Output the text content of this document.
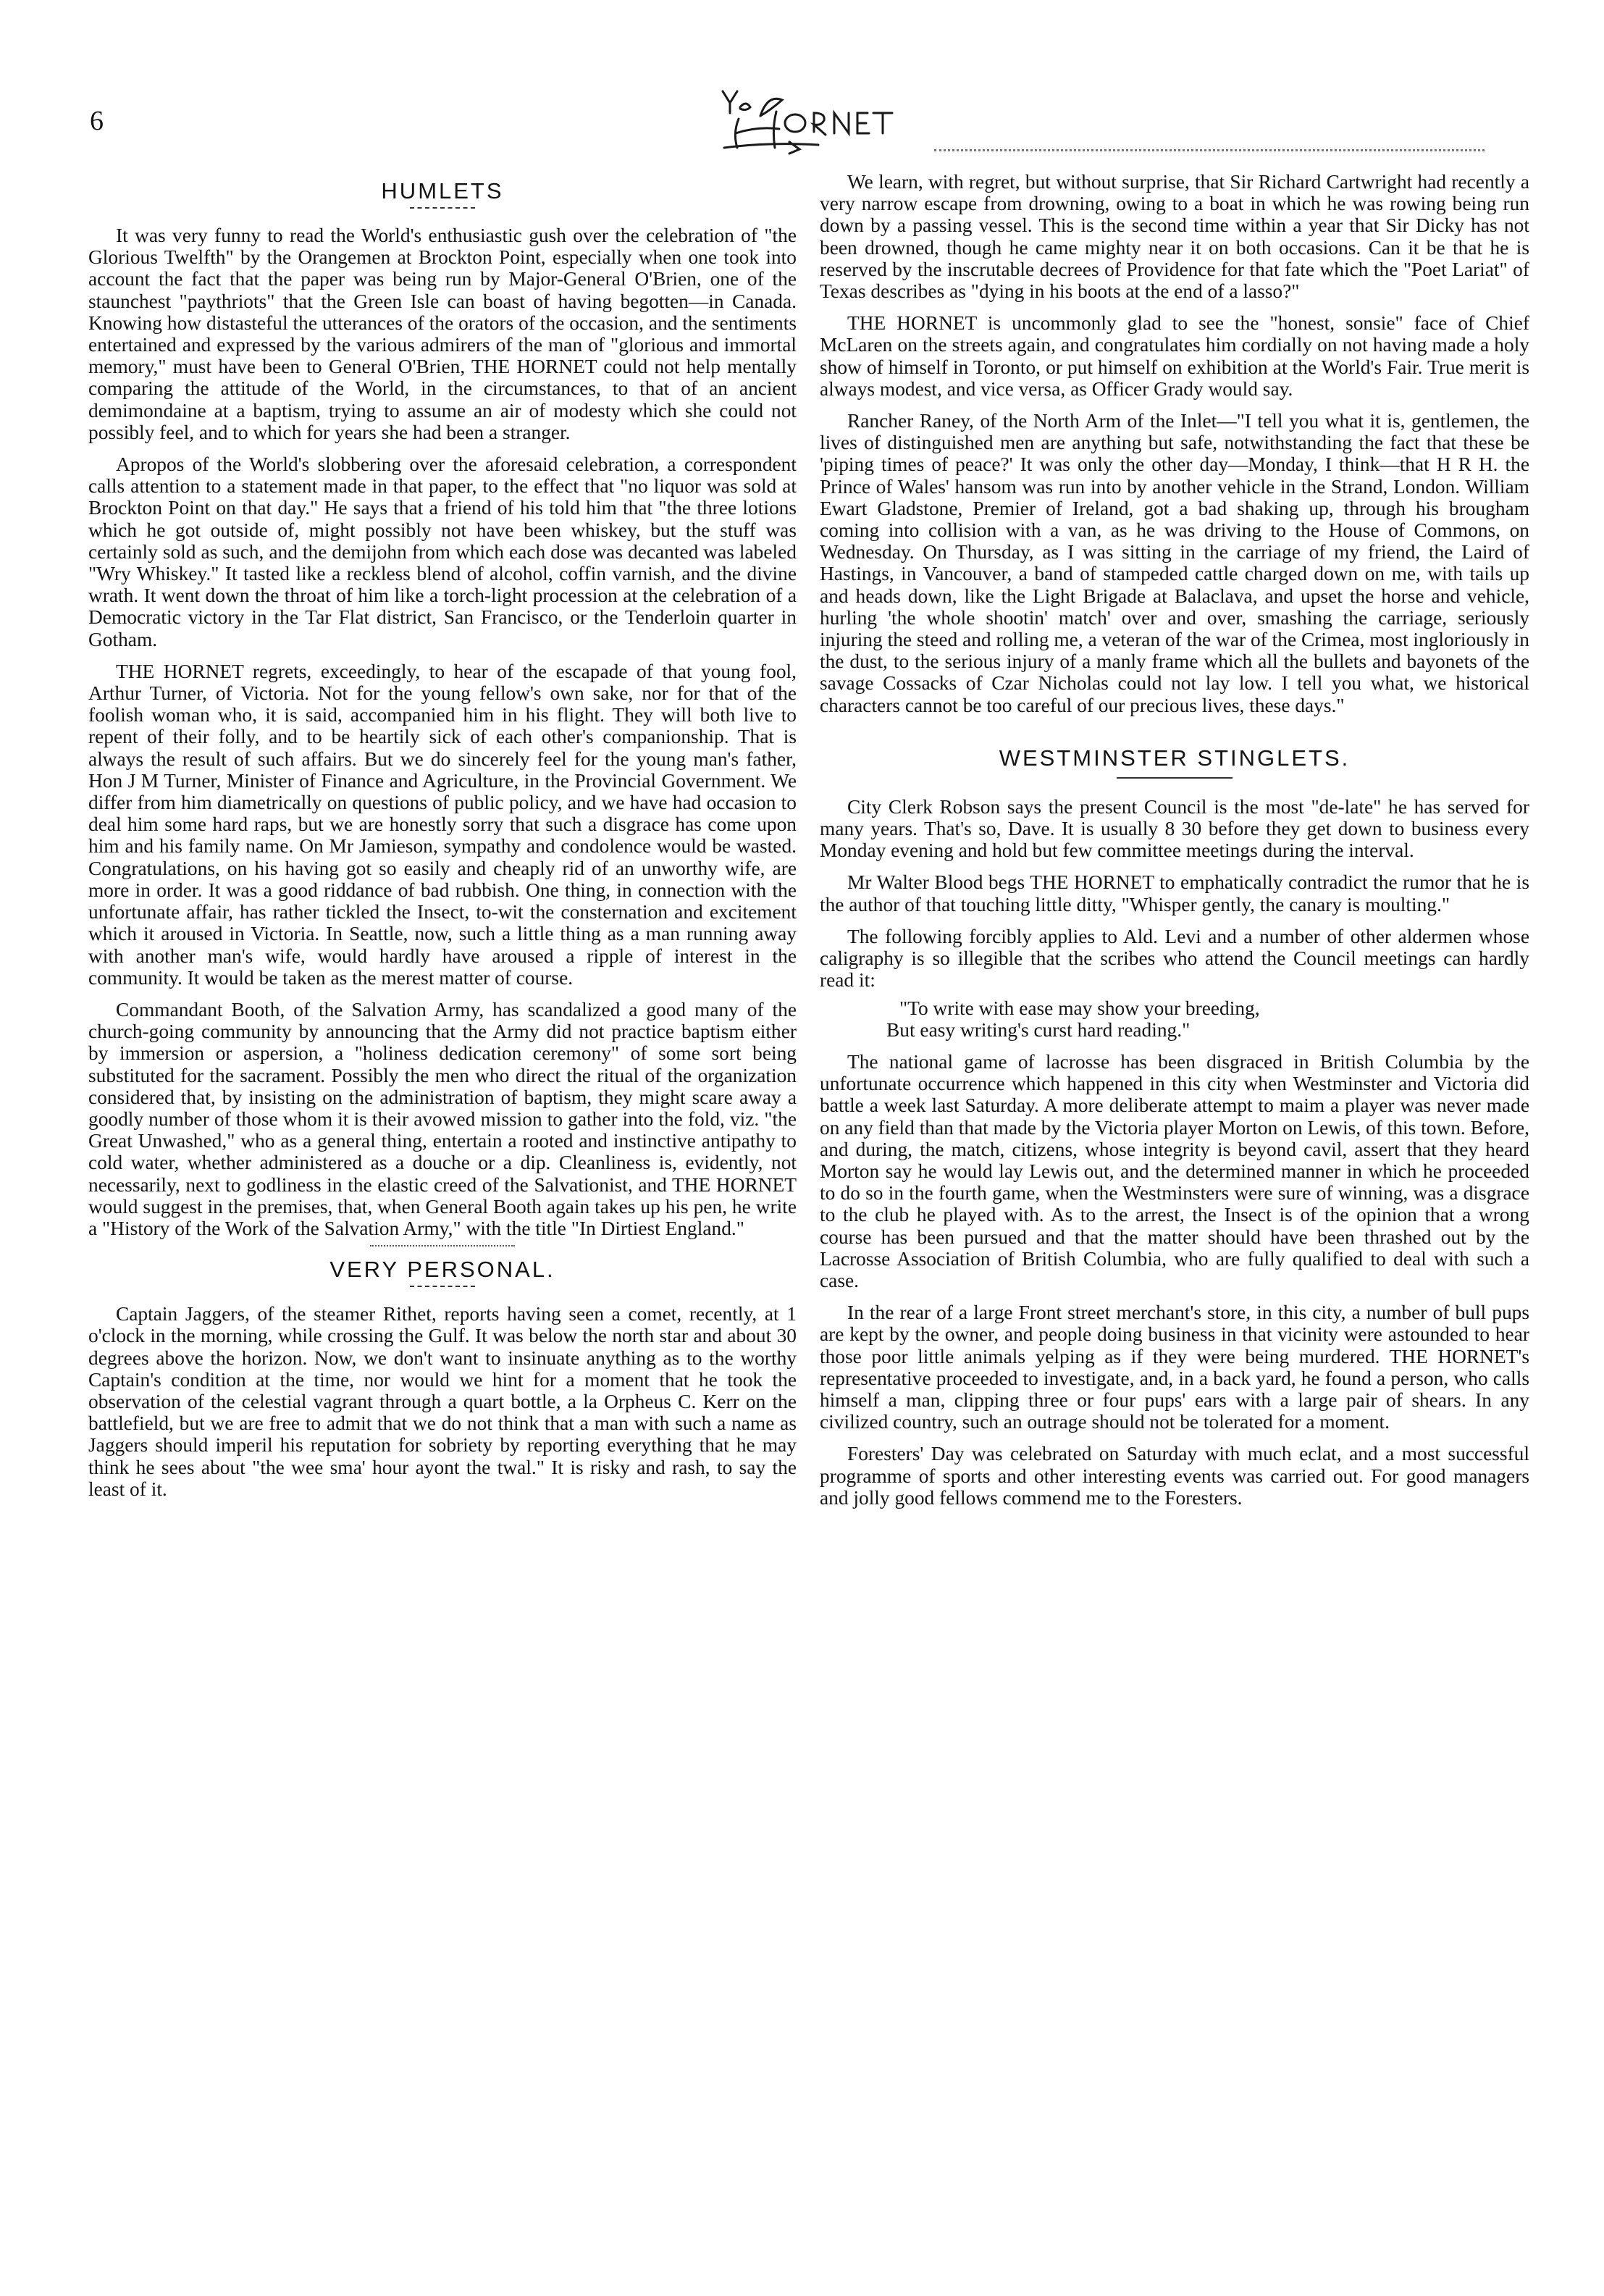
6
HUMLETS

It was very funny to read the World's enthusiastic gush over the celebration of "the Glorious Twelfth" by the Orangemen at Brockton Point, especially when one took into account the fact that the paper was being run by Major-General O'Brien, one of the staunchest "paythriots" that the Green Isle can boast of having begotten—in Canada. Knowing how distasteful the utterances of the orators of the occasion, and the sentiments entertained and expressed by the various admirers of the man of "glorious and immortal memory," must have been to General O'Brien, THE HORNET could not help mentally comparing the attitude of the World, in the circumstances, to that of an ancient demimondaine at a baptism, trying to assume an air of modesty which she could not possibly feel, and to which for years she had been a stranger.

Apropos of the World's slobbering over the aforesaid celebration, a correspondent calls attention to a statement made in that paper, to the effect that "no liquor was sold at Brockton Point on that day." He says that a friend of his told him that "the three lotions which he got outside of, might possibly not have been whiskey, but the stuff was certainly sold as such, and the demijohn from which each dose was decanted was labeled "Wry Whiskey." It tasted like a reckless blend of alcohol, coffin varnish, and the divine wrath. It went down the throat of him like a torch-light procession at the celebration of a Democratic victory in the Tar Flat district, San Francisco, or the Tenderloin quarter in Gotham.

THE HORNET regrets, exceedingly, to hear of the escapade of that young fool, Arthur Turner, of Victoria. Not for the young fellow's own sake, nor for that of the foolish woman who, it is said, accompanied him in his flight. They will both live to repent of their folly, and to be heartily sick of each other's companionship. That is always the result of such affairs. But we do sincerely feel for the young man's father, Hon J M Turner, Minister of Finance and Agriculture, in the Provincial Government. We differ from him diametrically on questions of public policy, and we have had occasion to deal him some hard raps, but we are honestly sorry that such a disgrace has come upon him and his family name. On Mr Jamieson, sympathy and condolence would be wasted. Congratulations, on his having got so easily and cheaply rid of an unworthy wife, are more in order. It was a good riddance of bad rubbish. One thing, in connection with the unfortunate affair, has rather tickled the Insect, to-wit the consternation and excitement which it aroused in Victoria. In Seattle, now, such a little thing as a man running away with another man's wife, would hardly have aroused a ripple of interest in the community. It would be taken as the merest matter of course.

Commandant Booth, of the Salvation Army, has scandalized a good many of the church-going community by announcing that the Army did not practice baptism either by immersion or aspersion, a "holiness dedication ceremony" of some sort being substituted for the sacrament. Possibly the men who direct the ritual of the organization considered that, by insisting on the administration of baptism, they might scare away a goodly number of those whom it is their avowed mission to gather into the fold, viz. "the Great Unwashed," who as a general thing, entertain a rooted and instinctive antipathy to cold water, whether administered as a douche or a dip. Cleanliness is, evidently, not necessarily, next to godliness in the elastic creed of the Salvationist, and THE HORNET would suggest in the premises, that, when General Booth again takes up his pen, he write a "History of the Work of the Salvation Army," with the title "In Dirtiest England."

VERY PERSONAL.

Captain Jaggers, of the steamer Rithet, reports having seen a comet, recently, at 1 o'clock in the morning, while crossing the Gulf. It was below the north star and about 30 degrees above the horizon. Now, we don't want to insinuate anything as to the worthy Captain's condition at the time, nor would we hint for a moment that he took the observation of the celestial vagrant through a quart bottle, a la Orpheus C. Kerr on the battlefield, but we are free to admit that we do not think that a man with such a name as Jaggers should imperil his reputation for sobriety by reporting everything that he may think he sees about "the wee sma' hour ayont the twal." It is risky and rash, to say the least of it.

We learn, with regret, but without surprise, that Sir Richard Cartwright had recently a very narrow escape from drowning, owing to a boat in which he was rowing being run down by a passing vessel. This is the second time within a year that Sir Dicky has not been drowned, though he came mighty near it on both occasions. Can it be that he is reserved by the inscrutable decrees of Providence for that fate which the "Poet Lariat" of Texas describes as "dying in his boots at the end of a lasso?"

THE HORNET is uncommonly glad to see the "honest, sonsie" face of Chief McLaren on the streets again, and congratulates him cordially on not having made a holy show of himself in Toronto, or put himself on exhibition at the World's Fair. True merit is always modest, and vice versa, as Officer Grady would say.

Rancher Raney, of the North Arm of the Inlet—"I tell you what it is, gentlemen, the lives of distinguished men are anything but safe, notwithstanding the fact that these be 'piping times of peace?' It was only the other day—Monday, I think—that H R H. the Prince of Wales' hansom was run into by another vehicle in the Strand, London. William Ewart Gladstone, Premier of Ireland, got a bad shaking up, through his brougham coming into collision with a van, as he was driving to the House of Commons, on Wednesday. On Thursday, as I was sitting in the carriage of my friend, the Laird of Hastings, in Vancouver, a band of stampeded cattle charged down on me, with tails up and heads down, like the Light Brigade at Balaclava, and upset the horse and vehicle, hurling 'the whole shootin' match' over and over, smashing the carriage, seriously injuring the steed and rolling me, a veteran of the war of the Crimea, most ingloriously in the dust, to the serious injury of a manly frame which all the bullets and bayonets of the savage Cossacks of Czar Nicholas could not lay low. I tell you what, we historical characters cannot be too careful of our precious lives, these days."

WESTMINSTER STINGLETS.

City Clerk Robson says the present Council is the most "de-late" he has served for many years. That's so, Dave. It is usually 8 30 before they get down to business every Monday evening and hold but few committee meetings during the interval.

Mr Walter Blood begs THE HORNET to emphatically contradict the rumor that he is the author of that touching little ditty, "Whisper gently, the canary is moulting."

The following forcibly applies to Ald. Levi and a number of other aldermen whose caligraphy is so illegible that the scribes who attend the Council meetings can hardly read it:

"To write with ease may show your breeding,
But easy writing's curst hard reading."

The national game of lacrosse has been disgraced in British Columbia by the unfortunate occurrence which happened in this city when Westminster and Victoria did battle a week last Saturday. A more deliberate attempt to maim a player was never made on any field than that made by the Victoria player Morton on Lewis, of this town. Before, and during, the match, citizens, whose integrity is beyond cavil, assert that they heard Morton say he would lay Lewis out, and the determined manner in which he proceeded to do so in the fourth game, when the Westminsters were sure of winning, was a disgrace to the club he played with. As to the arrest, the Insect is of the opinion that a wrong course has been pursued and that the matter should have been thrashed out by the Lacrosse Association of British Columbia, who are fully qualified to deal with such a case.

In the rear of a large Front street merchant's store, in this city, a number of bull pups are kept by the owner, and people doing business in that vicinity were astounded to hear those poor little animals yelping as if they were being murdered. THE HORNET's representative proceeded to investigate, and, in a back yard, he found a person, who calls himself a man, clipping three or four pups' ears with a large pair of shears. In any civilized country, such an outrage should not be tolerated for a moment.

Foresters' Day was celebrated on Saturday with much eclat, and a most successful programme of sports and other interesting events was carried out. For good managers and jolly good fellows commend me to the Foresters.
